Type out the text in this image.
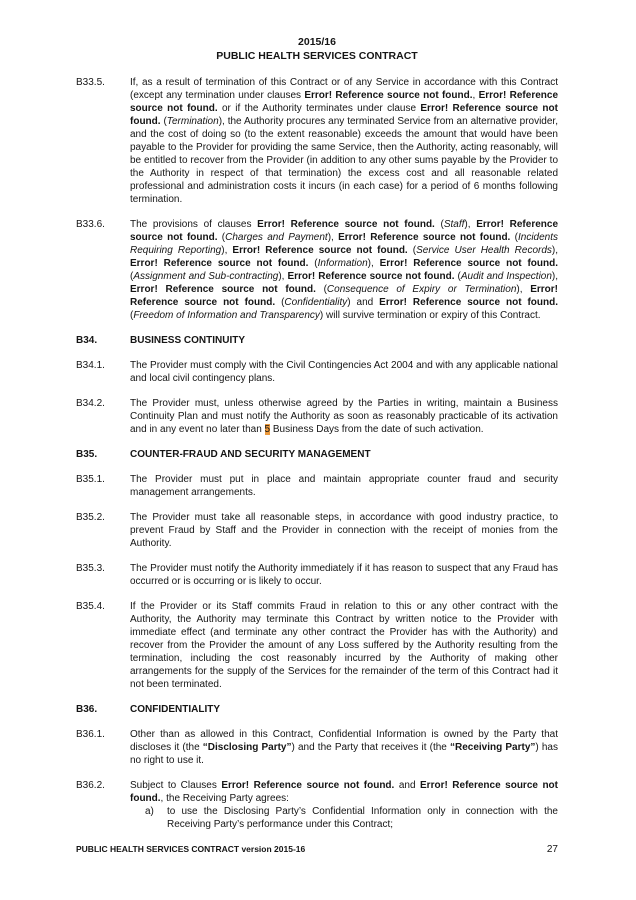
2015/16
PUBLIC HEALTH SERVICES CONTRACT
B33.5.	If, as a result of termination of this Contract or of any Service in accordance with this Contract (except any termination under clauses Error! Reference source not found., Error! Reference source not found. or if the Authority terminates under clause Error! Reference source not found. (Termination), the Authority procures any terminated Service from an alternative provider, and the cost of doing so (to the extent reasonable) exceeds the amount that would have been payable to the Provider for providing the same Service, then the Authority, acting reasonably, will be entitled to recover from the Provider (in addition to any other sums payable by the Provider to the Authority in respect of that termination) the excess cost and all reasonable related professional and administration costs it incurs (in each case) for a period of 6 months following termination.
B33.6.	The provisions of clauses Error! Reference source not found. (Staff), Error! Reference source not found. (Charges and Payment), Error! Reference source not found. (Incidents Requiring Reporting), Error! Reference source not found. (Service User Health Records), Error! Reference source not found. (Information), Error! Reference source not found. (Assignment and Sub-contracting), Error! Reference source not found. (Audit and Inspection), Error! Reference source not found. (Consequence of Expiry or Termination), Error! Reference source not found. (Confidentiality) and Error! Reference source not found. (Freedom of Information and Transparency) will survive termination or expiry of this Contract.
B34.	BUSINESS CONTINUITY
B34.1.	The Provider must comply with the Civil Contingencies Act 2004 and with any applicable national and local civil contingency plans.
B34.2.	The Provider must, unless otherwise agreed by the Parties in writing, maintain a Business Continuity Plan and must notify the Authority as soon as reasonably practicable of its activation and in any event no later than 5 Business Days from the date of such activation.
B35.	COUNTER-FRAUD AND SECURITY MANAGEMENT
B35.1.	The Provider must put in place and maintain appropriate counter fraud and security management arrangements.
B35.2.	The Provider must take all reasonable steps, in accordance with good industry practice, to prevent Fraud by Staff and the Provider in connection with the receipt of monies from the Authority.
B35.3.	The Provider must notify the Authority immediately if it has reason to suspect that any Fraud has occurred or is occurring or is likely to occur.
B35.4.	If the Provider or its Staff commits Fraud in relation to this or any other contract with the Authority, the Authority may terminate this Contract by written notice to the Provider with immediate effect (and terminate any other contract the Provider has with the Authority) and recover from the Provider the amount of any Loss suffered by the Authority resulting from the termination, including the cost reasonably incurred by the Authority of making other arrangements for the supply of the Services for the remainder of the term of this Contract had it not been terminated.
B36.	CONFIDENTIALITY
B36.1.	Other than as allowed in this Contract, Confidential Information is owned by the Party that discloses it (the “Disclosing Party”) and the Party that receives it (the “Receiving Party”) has no right to use it.
B36.2.	Subject to Clauses Error! Reference source not found. and Error! Reference source not found., the Receiving Party agrees:
a)	to use the Disclosing Party’s Confidential Information only in connection with the Receiving Party’s performance under this Contract;
PUBLIC HEALTH SERVICES CONTRACT version 2015-16	27
